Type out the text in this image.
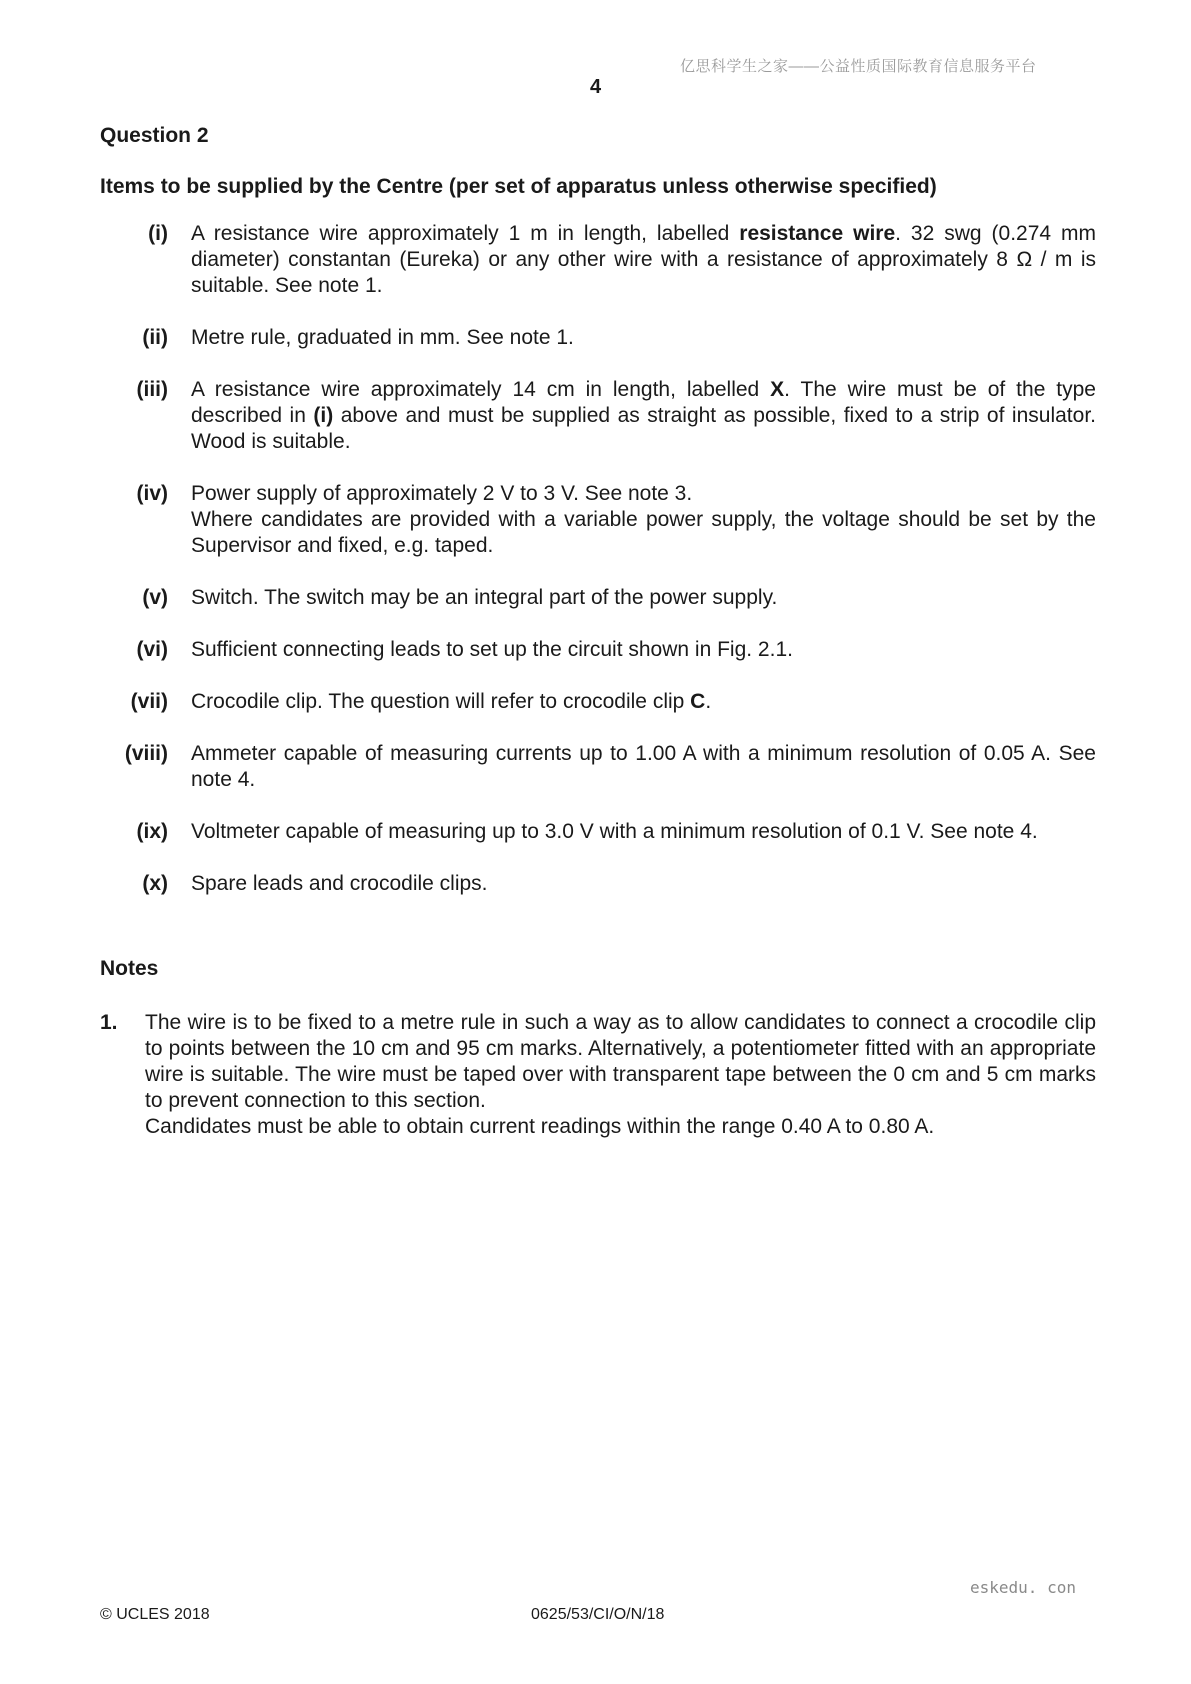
亿思科学生之家——公益性质国际教育信息服务平台
4
Question 2
Items to be supplied by the Centre (per set of apparatus unless otherwise specified)
(i) A resistance wire approximately 1 m in length, labelled resistance wire. 32 swg (0.274 mm diameter) constantan (Eureka) or any other wire with a resistance of approximately 8 Ω / m is suitable. See note 1.
(ii) Metre rule, graduated in mm. See note 1.
(iii) A resistance wire approximately 14 cm in length, labelled X. The wire must be of the type described in (i) above and must be supplied as straight as possible, fixed to a strip of insulator. Wood is suitable.
(iv) Power supply of approximately 2 V to 3 V. See note 3.

Where candidates are provided with a variable power supply, the voltage should be set by the Supervisor and fixed, e.g. taped.

(v) Switch. The switch may be an integral part of the power supply.
(vi) Sufficient connecting leads to set up the circuit shown in Fig. 2.1.
(vii) Crocodile clip. The question will refer to crocodile clip C.
(viii) Ammeter capable of measuring currents up to 1.00 A with a minimum resolution of 0.05 A. See note 4.
(ix) Voltmeter capable of measuring up to 3.0 V with a minimum resolution of 0.1 V. See note 4.
(x) Spare leads and crocodile clips.
Notes
1. The wire is to be fixed to a metre rule in such a way as to allow candidates to connect a crocodile clip to points between the 10 cm and 95 cm marks. Alternatively, a potentiometer fitted with an appropriate wire is suitable. The wire must be taped over with transparent tape between the 0 cm and 5 cm marks to prevent connection to this section.

Candidates must be able to obtain current readings within the range 0.40 A to 0.80 A.

eskedu. con
© UCLES 2018	0625/53/CI/O/N/18
